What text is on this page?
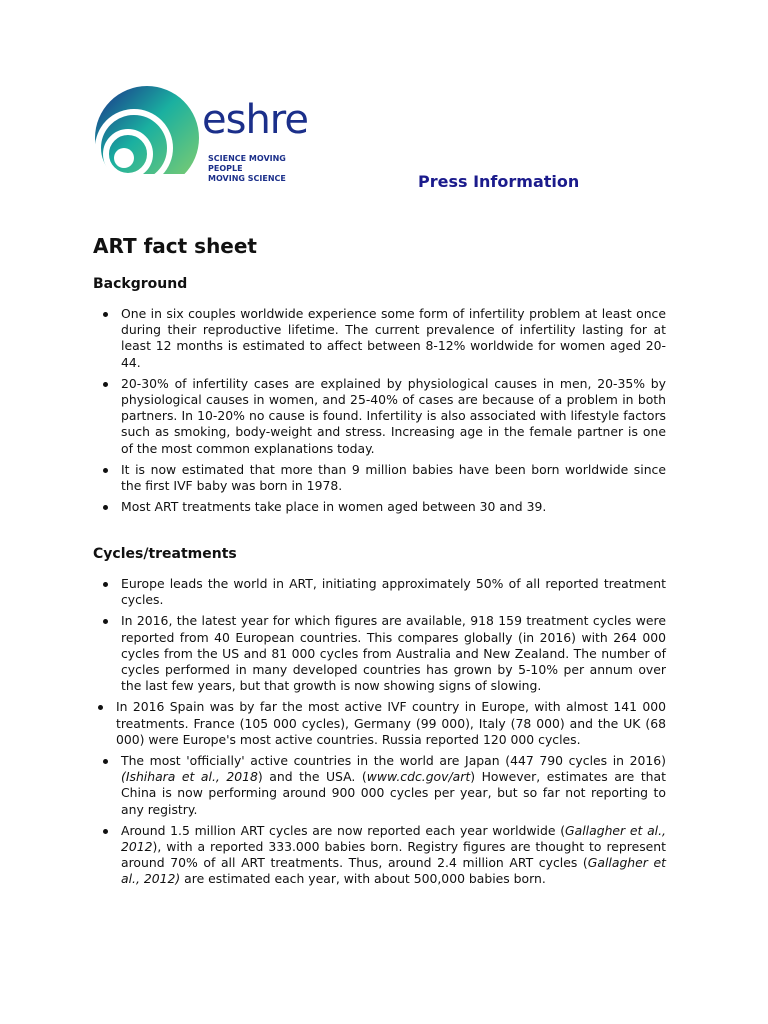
eshre
SCIENCE MOVING
PEOPLE
MOVING SCIENCE	Press Information
ART fact sheet
Background
One in six couples worldwide experience some form of infertility problem at least once during their reproductive lifetime. The current prevalence of infertility lasting for at least 12 months is estimated to affect between 8-12% worldwide for women aged 20-44.
20-30% of infertility cases are explained by physiological causes in men, 20-35% by physiological causes in women, and 25-40% of cases are because of a problem in both partners. In 10-20% no cause is found. Infertility is also associated with lifestyle factors such as smoking, body-weight and stress. Increasing age in the female partner is one of the most common explanations today.
It is now estimated that more than 9 million babies have been born worldwide since the first IVF baby was born in 1978.
Most ART treatments take place in women aged between 30 and 39.
Cycles/treatments
Europe leads the world in ART, initiating approximately 50% of all reported treatment cycles.
In 2016, the latest year for which figures are available, 918 159 treatment cycles were reported from 40 European countries. This compares globally (in 2016) with 264 000 cycles from the US and 81 000 cycles from Australia and New Zealand. The number of cycles performed in many developed countries has grown by 5-10% per annum over the last few years, but that growth is now showing signs of slowing.
In 2016 Spain was by far the most active IVF country in Europe, with almost 141 000 treatments. France (105 000 cycles), Germany (99 000), Italy (78 000) and the UK (68 000) were Europe's most active countries. Russia reported 120 000 cycles.
The most 'officially' active countries in the world are Japan (447 790 cycles in 2016) (Ishihara et al., 2018) and the USA. (www.cdc.gov/art) However, estimates are that China is now performing around 900 000 cycles per year, but so far not reporting to any registry.
Around 1.5 million ART cycles are now reported each year worldwide (Gallagher et al., 2012), with a reported 333.000 babies born. Registry figures are thought to represent around 70% of all ART treatments. Thus, around 2.4 million ART cycles (Gallagher et al., 2012) are estimated each year, with about 500,000 babies born.
